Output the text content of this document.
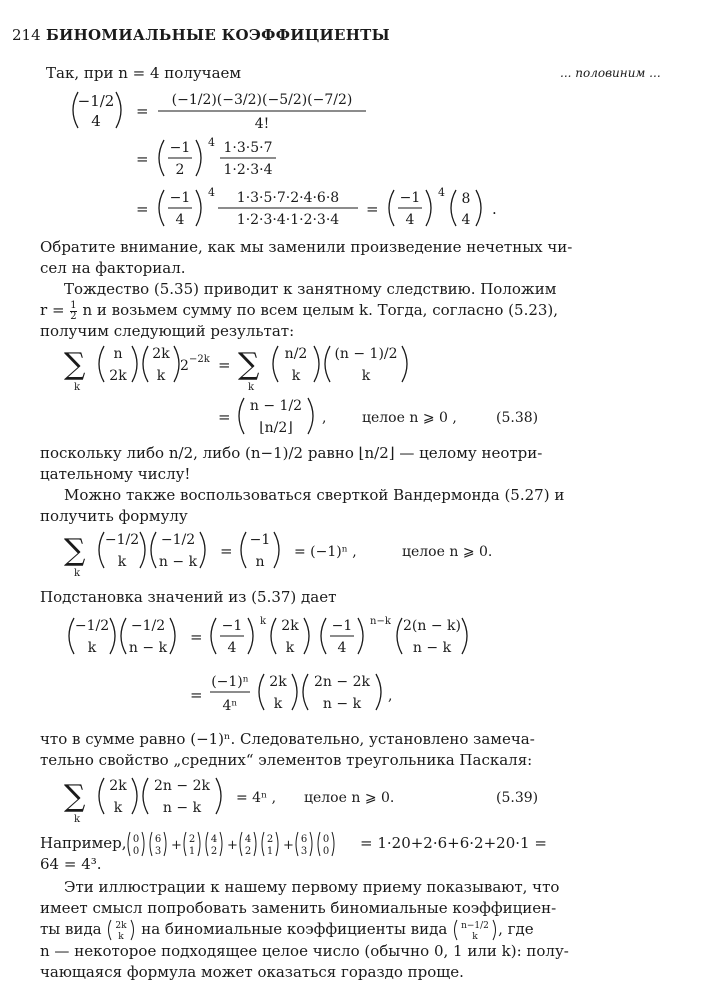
214 БИНОМИАЛЬНЫЕ КОЭФФИЦИЕНТЫ
... половиним ...
Так, при n = 4 получаем
−1/2
4
=
(−1/2)(−3/2)(−5/2)(−7/2)
4!
=
−1
2
4 1·3·5·7
1·2·3·4
=
−1
4
4 1·3·5·7·2·4·6·8
1·2·3·4·1·2·3·4
=
−1
4
4 8
4
.
Обратите внимание, как мы заменили произведение нечетных чи-
сел на факториал.
Тождество (5.35) приводит к занятному следствию. Положим
$r = \frac{1}{2}$ n и возьмем сумму по всем целым k. Тогда, согласно (5.23),
получим следующий результат:
∑
k
n
2k
2k
k
2 −2k = ∑
k
n/2
k
(n − 1)/2
k
=
n − 1/2
⌊n/2⌋
,	целое n ⩾ 0 ,	(5.38)
поскольку либо n/2, либо (n−1)/2 равно ⌊n/2⌋ — целому неотри-
цательному числу!
Можно также воспользоваться сверткой Вандермонда (5.27) и
получить формулу
∑
k
−1/2
k
−1/2
n − k
=
−1
n
= (−1)ⁿ ,	целое n ⩾ 0.
Подстановка значений из (5.37) дает
−1/2
k
−1/2
n − k
=
−1
4
k 2k
k
−1
4
n−k 2(n − k)
n − k
=
(−1)ⁿ
4ⁿ
2k
k
2n − 2k
n − k ,
что в сумме равно (−1)ⁿ. Следовательно, установлено замеча-
тельно свойство „средних“ элементов треугольника Паскаля:
∑
k
2k
k
2n − 2k
n − k
= 4ⁿ , целое n ⩾ 0.	(5.39)
Например, 0
0
6
3 + 2
1
4
2 + 4
2
2
1 + 6
3
0
0 = 1·20+2·6+6·2+20·1 =
64 = 4³.
Эти иллюстрации к нашему первому приему показывают, что
имеет смысл попробовать заменить биномиальные коэффициен-
ты вида 2k
k на биномиальные коэффициенты вида n−1/2
k , где
n — некоторое подходящее целое число (обычно 0, 1 или k): полу-
чающаяся формула может оказаться гораздо проще.
